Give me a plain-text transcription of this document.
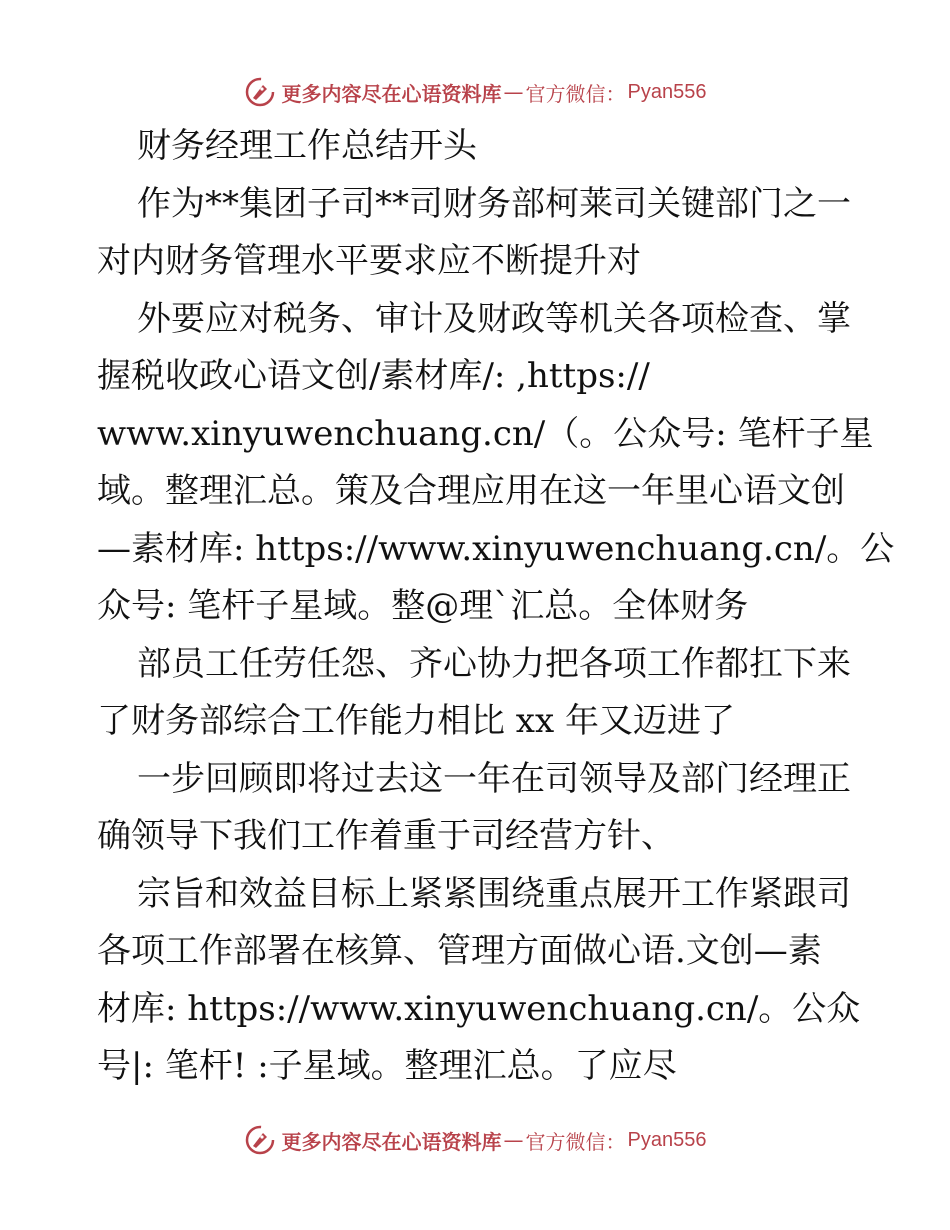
更多内容尽在心语资料库 — 官方微信： Pyan556
财务经理工作总结开头
作为**集团子司**司财务部柯莱司关键部门之一
对内财务管理水平要求应不断提升对
外要应对税务、审计及财政等机关各项检查、掌
握税收政心语文创/素材库/: ,https://
www.xinyuwenchuang.cn/（。公众号: 笔杆子星
域。整理汇总。策及合理应用在这一年里心语文创
—素材库: https://www.xinyuwenchuang.cn/。公
众号: 笔杆子星域。整@理`汇总。全体财务
部员工任劳任怨、齐心协力把各项工作都扛下来
了财务部综合工作能力相比 xx 年又迈进了
一步回顾即将过去这一年在司领导及部门经理正
确领导下我们工作着重于司经营方针、
宗旨和效益目标上紧紧围绕重点展开工作紧跟司
各项工作部署在核算、管理方面做心语.文创—素
材库: https://www.xinyuwenchuang.cn/。公众
号|: 笔杆! :子星域。整理汇总。了应尽
更多内容尽在心语资料库 — 官方微信： Pyan556
